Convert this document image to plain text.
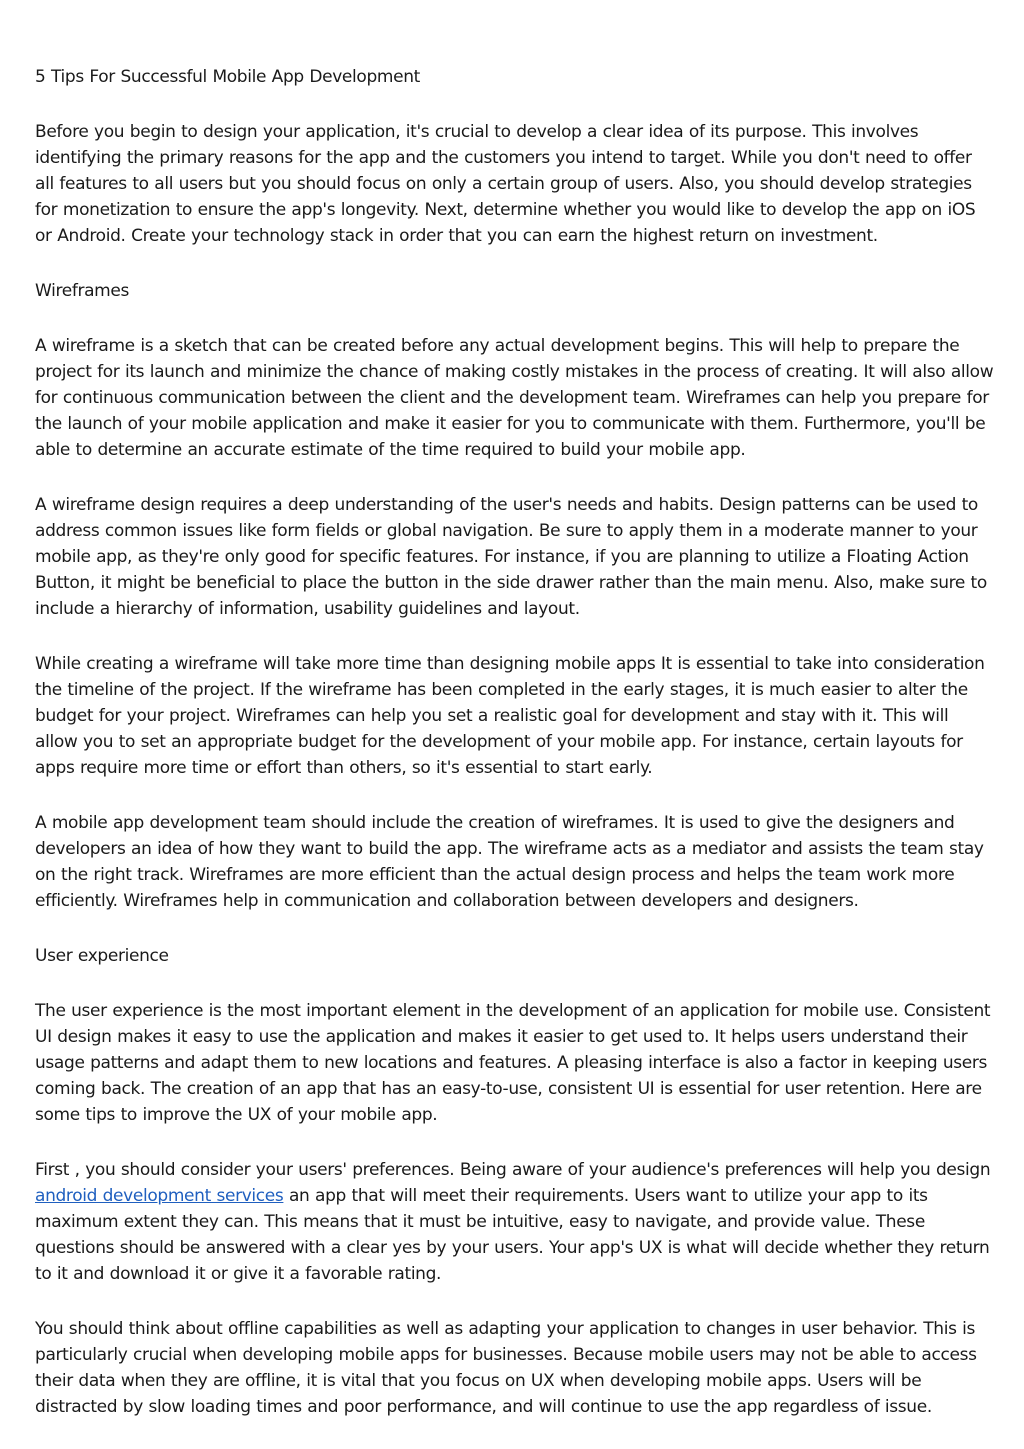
5 Tips For Successful Mobile App Development

Before you begin to design your application, it's crucial to develop a clear idea of its purpose. This involves identifying the primary reasons for the app and the customers you intend to target. While you don't need to offer all features to all users but you should focus on only a certain group of users. Also, you should develop strategies for monetization to ensure the app's longevity. Next, determine whether you would like to develop the app on iOS or Android. Create your technology stack in order that you can earn the highest return on investment.

Wireframes

A wireframe is a sketch that can be created before any actual development begins. This will help to prepare the project for its launch and minimize the chance of making costly mistakes in the process of creating. It will also allow for continuous communication between the client and the development team. Wireframes can help you prepare for the launch of your mobile application and make it easier for you to communicate with them. Furthermore, you'll be able to determine an accurate estimate of the time required to build your mobile app.

A wireframe design requires a deep understanding of the user's needs and habits. Design patterns can be used to address common issues like form fields or global navigation. Be sure to apply them in a moderate manner to your mobile app, as they're only good for specific features. For instance, if you are planning to utilize a Floating Action Button, it might be beneficial to place the button in the side drawer rather than the main menu. Also, make sure to include a hierarchy of information, usability guidelines and layout.

While creating a wireframe will take more time than designing mobile apps It is essential to take into consideration the timeline of the project. If the wireframe has been completed in the early stages, it is much easier to alter the budget for your project. Wireframes can help you set a realistic goal for development and stay with it. This will allow you to set an appropriate budget for the development of your mobile app. For instance, certain layouts for apps require more time or effort than others, so it's essential to start early.

A mobile app development team should include the creation of wireframes. It is used to give the designers and developers an idea of how they want to build the app. The wireframe acts as a mediator and assists the team stay on the right track. Wireframes are more efficient than the actual design process and helps the team work more efficiently. Wireframes help in communication and collaboration between developers and designers.

User experience

The user experience is the most important element in the development of an application for mobile use. Consistent UI design makes it easy to use the application and makes it easier to get used to. It helps users understand their usage patterns and adapt them to new locations and features. A pleasing interface is also a factor in keeping users coming back. The creation of an app that has an easy-to-use, consistent UI is essential for user retention. Here are some tips to improve the UX of your mobile app.

First , you should consider your users' preferences. Being aware of your audience's preferences will help you design android development services an app that will meet their requirements. Users want to utilize your app to its maximum extent they can. This means that it must be intuitive, easy to navigate, and provide value. These questions should be answered with a clear yes by your users. Your app's UX is what will decide whether they return to it and download it or give it a favorable rating.

You should think about offline capabilities as well as adapting your application to changes in user behavior. This is particularly crucial when developing mobile apps for businesses. Because mobile users may not be able to access their data when they are offline, it is vital that you focus on UX when developing mobile apps. Users will be distracted by slow loading times and poor performance, and will continue to use the app regardless of issue.
